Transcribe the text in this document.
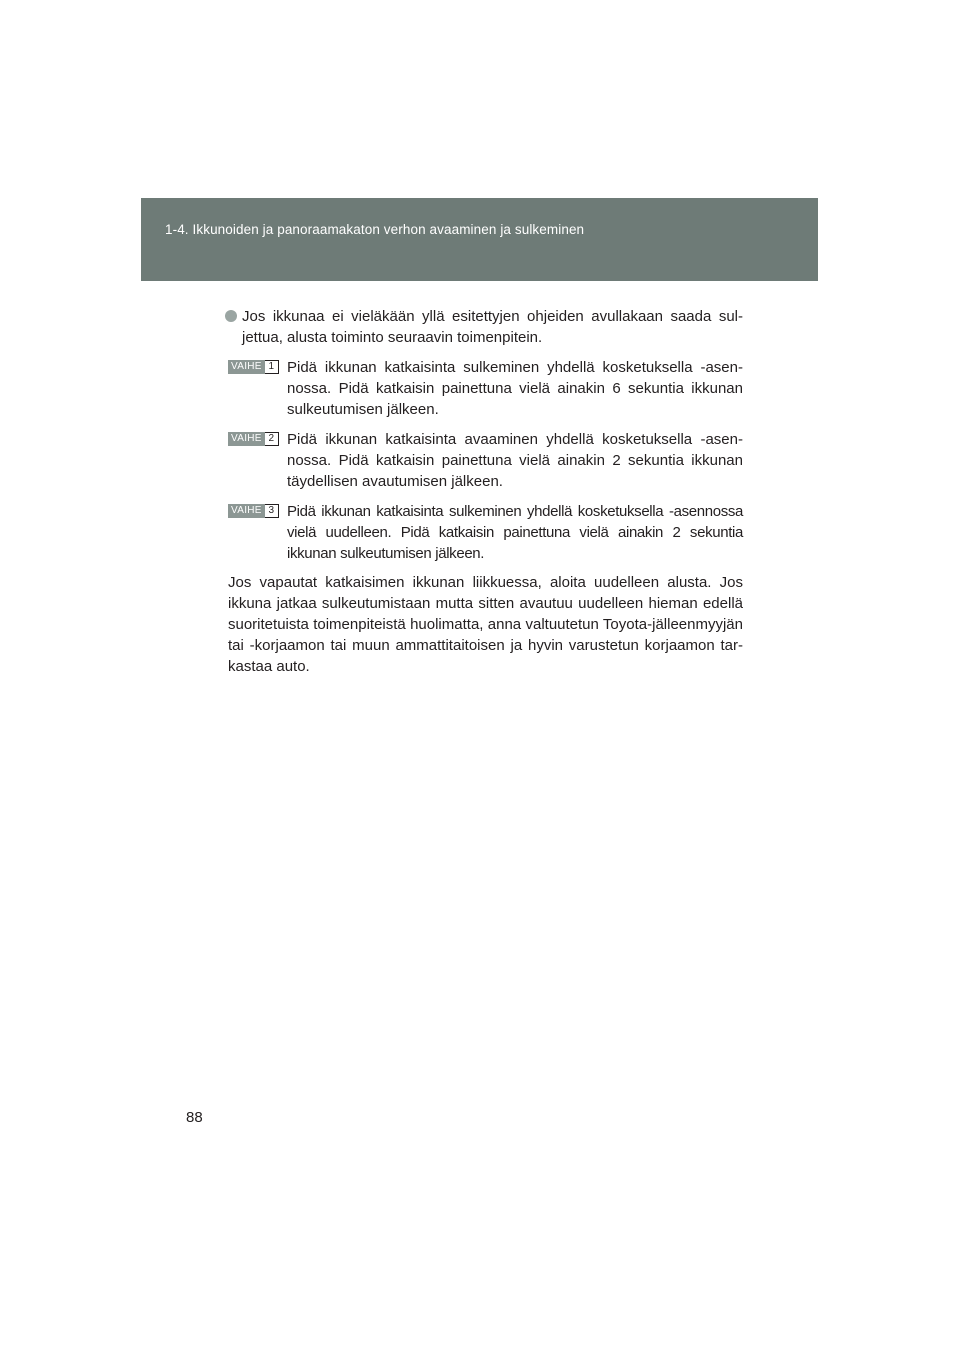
1-4. Ikkunoiden ja panoraamakaton verhon avaaminen ja sulkeminen
Jos ikkunaa ei vieläkään yllä esitettyjen ohjeiden avullakaan saada suljettua, alusta toiminto seuraavin toimenpitein.
VAIHE 1 Pidä ikkunan katkaisinta sulkeminen yhdellä kosketuksella -asennossa. Pidä katkaisin painettuna vielä ainakin 6 sekuntia ikkunan sulkeutumisen jälkeen.
VAIHE 2 Pidä ikkunan katkaisinta avaaminen yhdellä kosketuksella -asennossa. Pidä katkaisin painettuna vielä ainakin 2 sekuntia ikkunan täydellisen avautumisen jälkeen.
VAIHE 3 Pidä ikkunan katkaisinta sulkeminen yhdellä kosketuksella -asennossa vielä uudelleen. Pidä katkaisin painettuna vielä ainakin 2 sekuntia ikkunan sulkeutumisen jälkeen.
Jos vapautat katkaisimen ikkunan liikkuessa, aloita uudelleen alusta. Jos ikkuna jatkaa sulkeutumistaan mutta sitten avautuu uudelleen hieman edellä suoritetuista toimenpiteistä huolimatta, anna valtuutetun Toyota-jälleenmyyjän tai -korjaamon tai muun ammattitaitoisen ja hyvin varustetun korjaamon tarkastaa auto.
88
